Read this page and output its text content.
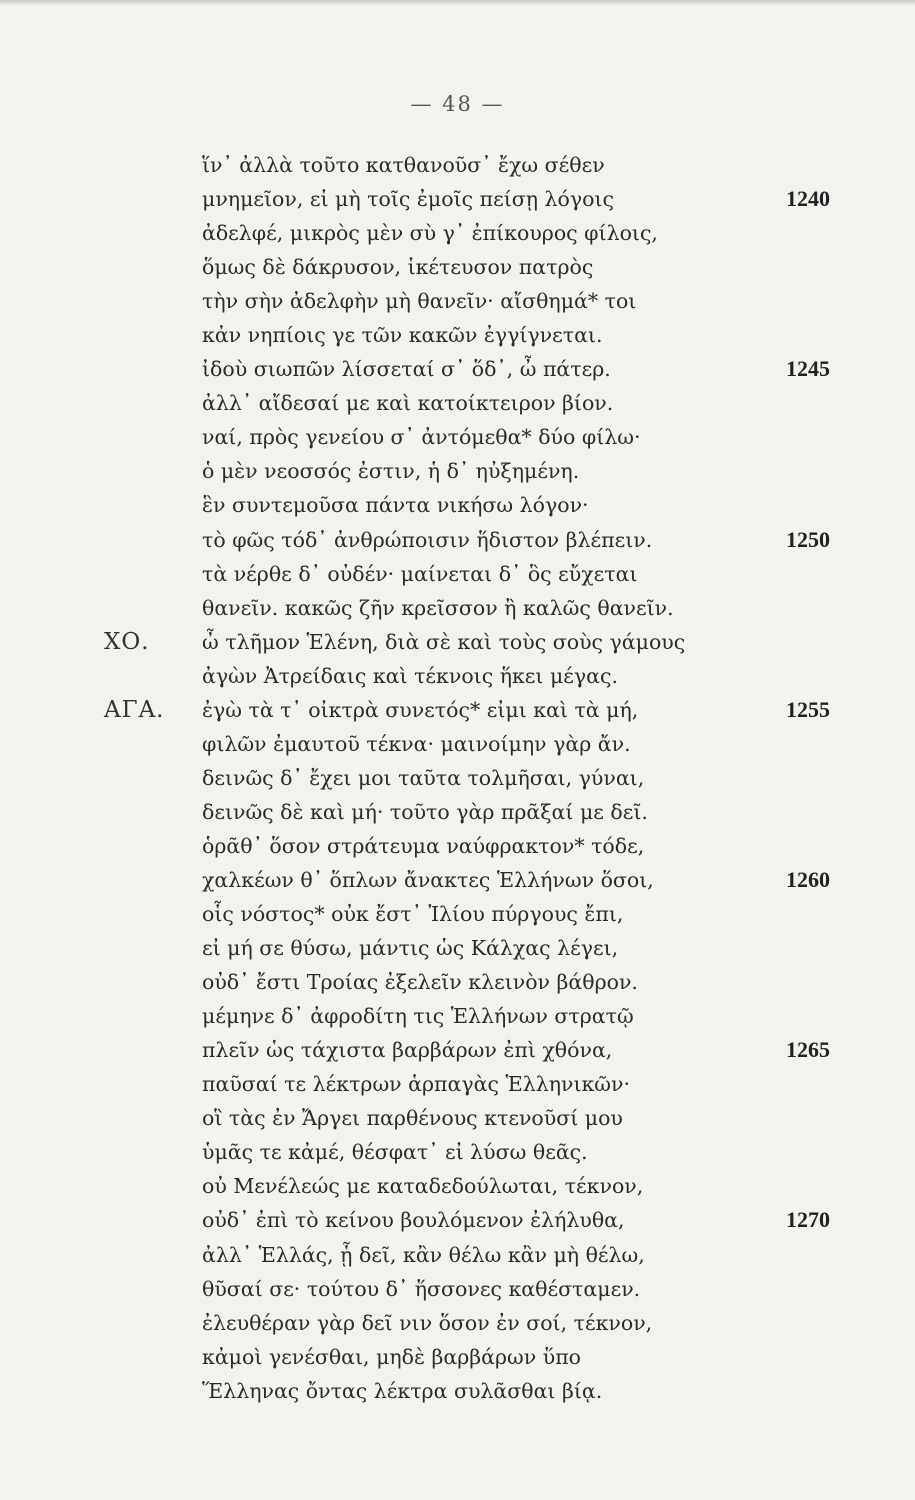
— 48 —
ἵν᾽ ἀλλὰ τοῦτο κατθανοῦσ᾽ ἔχω σέθεν
μνημεῖον, εἰ μὴ τοῖς ἐμοῖς πείσῃ λόγοις	1240
ἀδελφέ, μικρὸς μὲν σὺ γ᾽ ἐπίκουρος φίλοις,
ὅμως δὲ δάκρυσον, ἱκέτευσον πατρὸς
τὴν σὴν ἀδελφὴν μὴ θανεῖν· αἴσθημά* τοι
κἀν νηπίοις γε τῶν κακῶν ἐγγίγνεται.
ἰδοὺ σιωπῶν λίσσεταί σ᾽ ὅδ᾽, ὦ πάτερ.	1245
ἀλλ᾽ αἴδεσαί με καὶ κατοίκτειρον βίον.
ναί, πρὸς γενείου σ᾽ ἀντόμεθα* δύο φίλω·
ὁ μὲν νεοσσός ἐστιν, ἡ δ᾽ ηὐξημένη.
ἓν συντεμοῦσα πάντα νικήσω λόγον·
τὸ φῶς τόδ᾽ ἀνθρώποισιν ἥδιστον βλέπειν.	1250
τὰ νέρθε δ᾽ οὐδέν· μαίνεται δ᾽ ὃς εὔχεται
θανεῖν. κακῶς ζῆν κρεῖσσον ἢ καλῶς θανεῖν.
ΧΟ.	ὦ τλῆμον Ἑλένη, διὰ σὲ καὶ τοὺς σοὺς γάμους
ἀγὼν Ἀτρείδαις καὶ τέκνοις ἥκει μέγας.
ΑΓΑ. ἐγὼ τὰ τ᾽ οἰκτρὰ συνετός* εἰμι καὶ τὰ μή,	1255
φιλῶν ἐμαυτοῦ τέκνα· μαινοίμην γὰρ ἄν.
δεινῶς δ᾽ ἔχει μοι ταῦτα τολμῆσαι, γύναι,
δεινῶς δὲ καὶ μή· τοῦτο γὰρ πρᾶξαί με δεῖ.
ὁρᾶθ᾽ ὅσον στράτευμα ναύφρακτον* τόδε,
χαλκέων θ᾽ ὅπλων ἄνακτες Ἑλλήνων ὅσοι,	1260
οἷς νόστος* οὐκ ἔστ᾽ Ἰλίου πύργους ἔπι,
εἰ μή σε θύσω, μάντις ὡς Κάλχας λέγει,
οὐδ᾽ ἔστι Τροίας ἐξελεῖν κλεινὸν βάθρον.
μέμηνε δ᾽ ἀφροδίτη τις Ἑλλήνων στρατῷ
πλεῖν ὡς τάχιστα βαρβάρων ἐπὶ χθόνα,	1265
παῦσαί τε λέκτρων ἁρπαγὰς Ἑλληνικῶν·
οἳ τὰς ἐν Ἄργει παρθένους κτενοῦσί μου
ὑμᾶς τε κἀμέ, θέσφατ᾽ εἰ λύσω θεᾶς.
οὐ Μενέλεώς με καταδεδούλωται, τέκνον,
οὐδ᾽ ἐπὶ τὸ κείνου βουλόμενον ἐλήλυθα,	1270
ἀλλ᾽ Ἑλλάς, ᾗ δεῖ, κἂν θέλω κἂν μὴ θέλω,
θῦσαί σε· τούτου δ᾽ ἥσσονες καθέσταμεν.
ἐλευθέραν γὰρ δεῖ νιν ὅσον ἐν σοί, τέκνον,
κἀμοὶ γενέσθαι, μηδὲ βαρβάρων ὕπο
Ἕλληνας ὄντας λέκτρα συλᾶσθαι βίᾳ.
